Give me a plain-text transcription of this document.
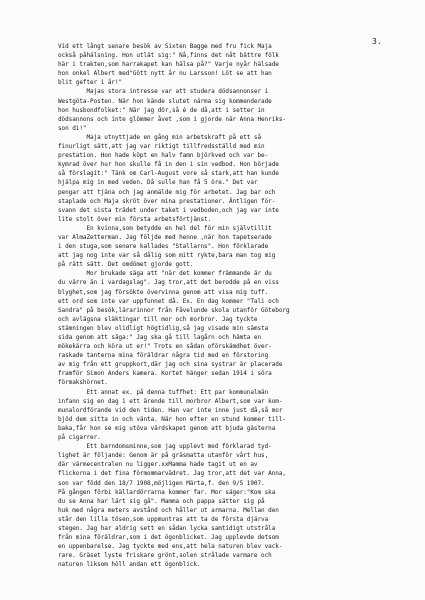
3.

Vid ett långt senare besök av Sixten Bagge med fru fick Maja
också påhälsning. Hon utlät sig:" Nå,finns det nåt bättre fölk
här i trakten,som harrakapet kan hälsa på?" Varje nyår hälsade
hon onkel Albert med"Gött nytt år nu Larsson! Löt se att han
blit gefter i år!"
Majas stora intresse var att studera dödsannonser i
Westgöta-Posten. När hon kände slutet närma sig kommenderade
hon husbondfolket:" När jag dör,så é de då,att i setter in
dödsannons och inte glömmer åvet ,som i gjorde när Anna Henriks-
son di!"
Maja utnyttjade en gång min arbetskraft på ett så
finurligt sätt,att jag var riktigt tillfredsställd med min
prestation. Hon hade köpt en halv famn björkved och var be-
kymrad över hur hon skulle få in den i sin vedbod. Hon började
så förslagit:" Tänk om Carl-August vore så stark,att han kunde
hjälpa mig in med veden. Då sulle han få 5 öre." Det var
pengar att tjäna och jag anmälde mig för arbetet. Jag bar och
staplade och Maja skröt över mina prestationer. Äntligen för-
svann det sista trädet under taket i vedboden,och jag var inte
lite stolt över min första arbetsförtjänst.
En kvinna,som betydde en hel del för min självtillit
var AlmaZetterman. Jag följde med henne ,när hon tapetserade
i den stuga,som senare kallades "Stallarns". Hon förklarade
att jag nog inte var så dålig som mitt rykte,bara man tog mig
på rätt sätt. Det omdömet gjorde gott.
Mor brukade säga att "när det kommer främmande är du
du värre än i vardagslag". Jag tror,att det berodde på en viss
blyghet,som jag försökte övervinna genom att visa mig tuff.
ett ord som inte var uppfunnet då. Ex. En dag kommer "Tali och
Sandra" på besök,lärarinnor från Fåvelunde skola utanför Göteborg
och avlägsna släktingar till mor och morbror. Jag tyckte
stämningen blev olidligt högtidlig,så jag visade min sämsta
sida genom att säga:" Jag ska gå till lagårn och hämta en
mökekärra och köra ut er!" Trots en sådan oförskämdhet över-
raskade tanterna mina föräldrar några tid med en förstoring
av mig från ett gruppkort,där jag och sina systrar är placerade
framför Simon Anders kamera. Kortet hänger sedan 1914 i söra
förmakshörnet.
Ett annat ex. på denna tuffhet: Ett par kommunalmän
infann sig en dag i ett ärende till morbror Albert,som var kom-
munalordförande vid den tiden. Han var inte inne just då,så mor
bjöd dem sitta in och vänta. När hon efter en stund kommer till-
baka,får hon se mig utöva värdskapet genom att bjuda gästerna
på cigarrer.
Ett barndomsminne,som jag upplevt med förklarad tyd-
lighet är följande: Genom är på gräsmatta utanför vårt hus,
där värmecentralen nu ligger.xxMamma hade tagit ut en av
flickorna i det fina förmommarvädret. Jag tror,att det var Anna,
son var född den 18/7 1908,möjligen Märta,f. den 9/5 1907.
På gången förbi källardörrarna kommer far. Mor säger:"Kom ska
du se Anna har lärt sig gå". Mamma och pappa sätter sig på
huk med några meters avstånd och håller ut armarna. Mellan den
står den lilla tösen,som uppmuntras att ta de första djärva
stegen. Jag har aldrig sett en sådan lycka samtidigt utstråla
från mina föräldrar,som i det ögonblicket. Jag upplevde detsom
en uppenbarelse. Jag tyckte med ens,att hela naturen blev vack-
rare. Gräset lyste friskare grönt,solen strålade varmare och
naturen liksom höll andan ett ögonblick.
